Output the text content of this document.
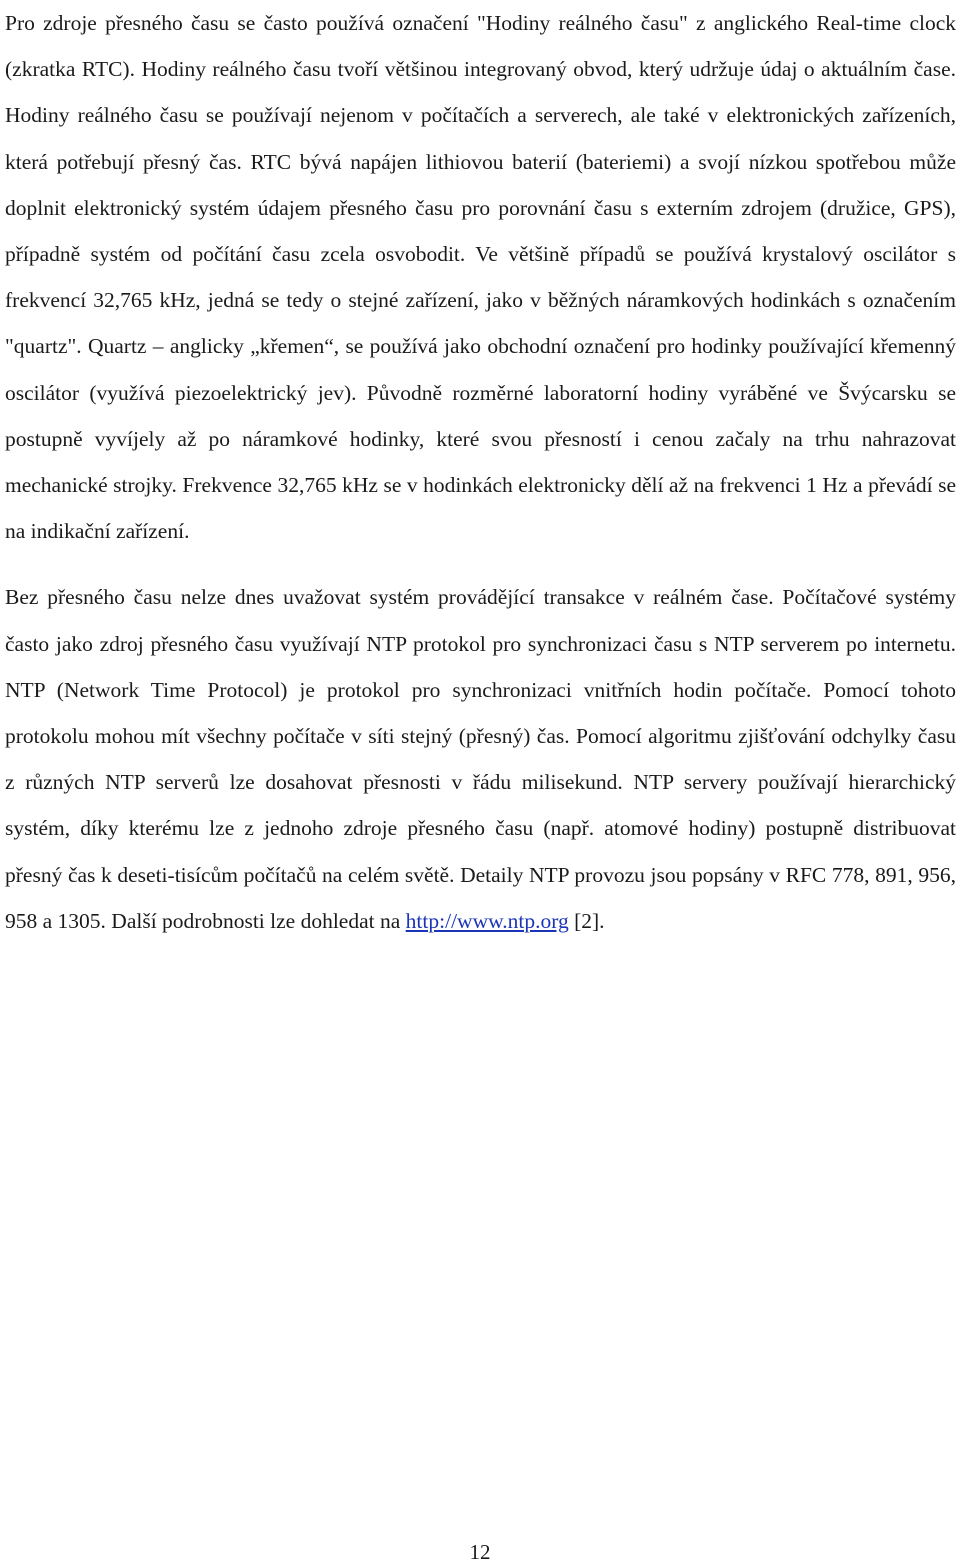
Pro zdroje přesného času se často používá označení "Hodiny reálného času" z anglického Real-time clock (zkratka RTC). Hodiny reálného času tvoří většinou integrovaný obvod, který udržuje údaj o aktuálním čase. Hodiny reálného času se používají nejenom v počítačích a serverech, ale také v elektronických zařízeních, která potřebují přesný čas. RTC bývá napájen lithiovou baterií (bateriemi) a svojí nízkou spotřebou může doplnit elektronický systém údajem přesného času pro porovnání času s externím zdrojem (družice, GPS), případně systém od počítání času zcela osvobodit. Ve většině případů se používá krystalový oscilátor s frekvencí 32,765 kHz, jedná se tedy o stejné zařízení, jako v běžných náramkových hodinkách s označením "quartz". Quartz – anglicky „křemen“, se používá jako obchodní označení pro hodinky používající křemenný oscilátor (využívá piezoelektrický jev). Původně rozměrné laboratorní hodiny vyráběné ve Švýcarsku se postupně vyvíjely až po náramkové hodinky, které svou přesností i cenou začaly na trhu nahrazovat mechanické strojky. Frekvence 32,765 kHz se v hodinkách elektronicky dělí až na frekvenci 1 Hz a převádí se na indikační zařízení.

Bez přesného času nelze dnes uvažovat systém provádějící transakce v reálném čase. Počítačové systémy často jako zdroj přesného času využívají NTP protokol pro synchronizaci času s NTP serverem po internetu. NTP (Network Time Protocol) je protokol pro synchronizaci vnitřních hodin počítače. Pomocí tohoto protokolu mohou mít všechny počítače v síti stejný (přesný) čas. Pomocí algoritmu zjišťování odchylky času z různých NTP serverů lze dosahovat přesnosti v řádu milisekund. NTP servery používají hierarchický systém, díky kterému lze z jednoho zdroje přesného času (např. atomové hodiny) postupně distribuovat přesný čas k deseti-tisícům počítačů na celém světě. Detaily NTP provozu jsou popsány v RFC 778, 891, 956, 958 a 1305. Další podrobnosti lze dohledat na http://www.ntp.org [2].

12
